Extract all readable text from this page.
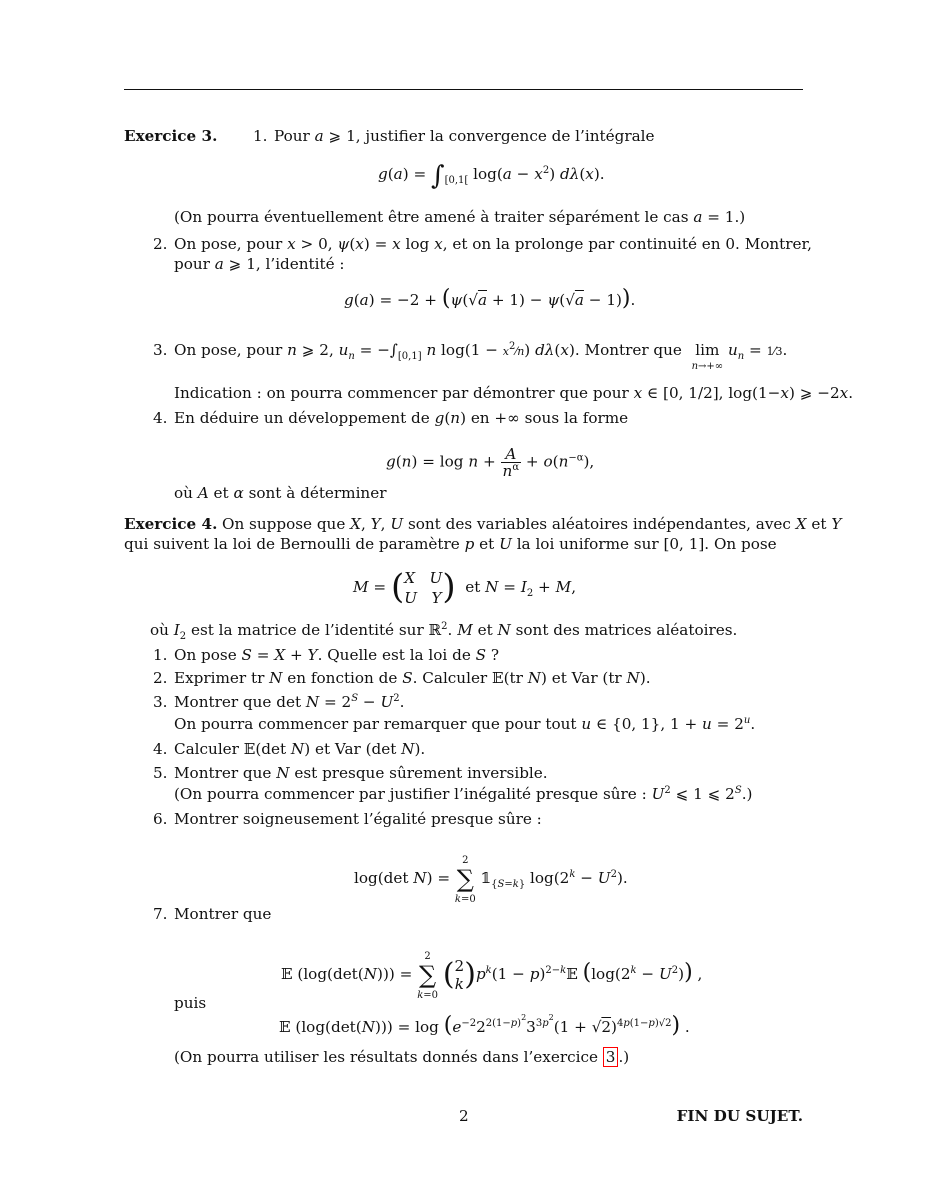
Exercice 3. 1. Pour a ⩾ 1, justifier la convergence de l’intégrale
$g(a) = \int_{[0,1[}$ $\log(a - x^2)$ dλ(x).
(On pourra éventuellement être amené à traiter séparément le cas a = 1.)
2. On pose, pour x > 0, ψ(x) = x log x, et on la prolonge par continuité en 0. Montrer,
pour a ⩾ 1, l’identité :
g(a) = −2 + (ψ(√a + 1) − ψ(√a − 1)).
3. On pose, pour n ⩾ 2, $u_n = -\int_{[0,1]}$ n $\log(1 - x^2⁄n)$ dλ(x). Montrer que  lim
$^{n\to+\infty}$ $u_n$ = 1⁄3.
Indication : on pourra commencer par démontrer que pour x ∈ [0, 1/2], log(1−x) ⩾ −2x.
4. En déduire un développement de g(n) en +∞ sous la forme
$g(n) = \log n + \frac{A}{n^\alpha} + o(n^{-\alpha})$,
où A et α sont à déterminer
Exercice 4. On suppose que X, Y, U sont des variables aléatoires indépendantes, avec X et Y
qui suivent la loi de Bernoulli de paramètre p et U la loi uniforme sur [0, 1]. On pose
M = (X U
U Y)  et $N = I_2 + M$,
où $I_2$ est la matrice de l’identité sur ℝ$^2$. M et N sont des matrices aléatoires.
1. On pose S = X + Y. Quelle est la loi de S ?
2. Exprimer tr N en fonction de S. Calculer 𝔼(tr N) et Var (tr N).
3. Montrer que $\det N = 2^S - U^2$.
On pourra commencer par remarquer que pour tout u ∈ {0, 1}, $1 + u = 2^u$.
4. Calculer 𝔼(det N) et Var (det N).
5. Montrer que N est presque sûrement inversible.
(On pourra commencer par justifier l’inégalité presque sûre : $U^2$ ⩽ 1 ⩽ $2^S$.)
6. Montrer soigneusement l’égalité presque sûre :
log(det N) = 2
∑
k=0 $𝟙_{\{S=k\}}$ $\log(2^k - U^2)$.
7. Montrer que
𝔼 (log(det(N))) = 2
∑
k=0 (2
$k)p^k(1$ − $p)^{2-k}𝔼$ $(\log(2^k - U^2))$ ,
puis
𝔼 $(\log(\det(N))) = \log (e^{-2}2^{2(1-p)^2}3^{3p^2}(1 + √2)^{4p(1-p)√2})$ .
(On pourra utiliser les résultats donnés dans l’exercice 3 .)
2	FIN DU SUJET.
